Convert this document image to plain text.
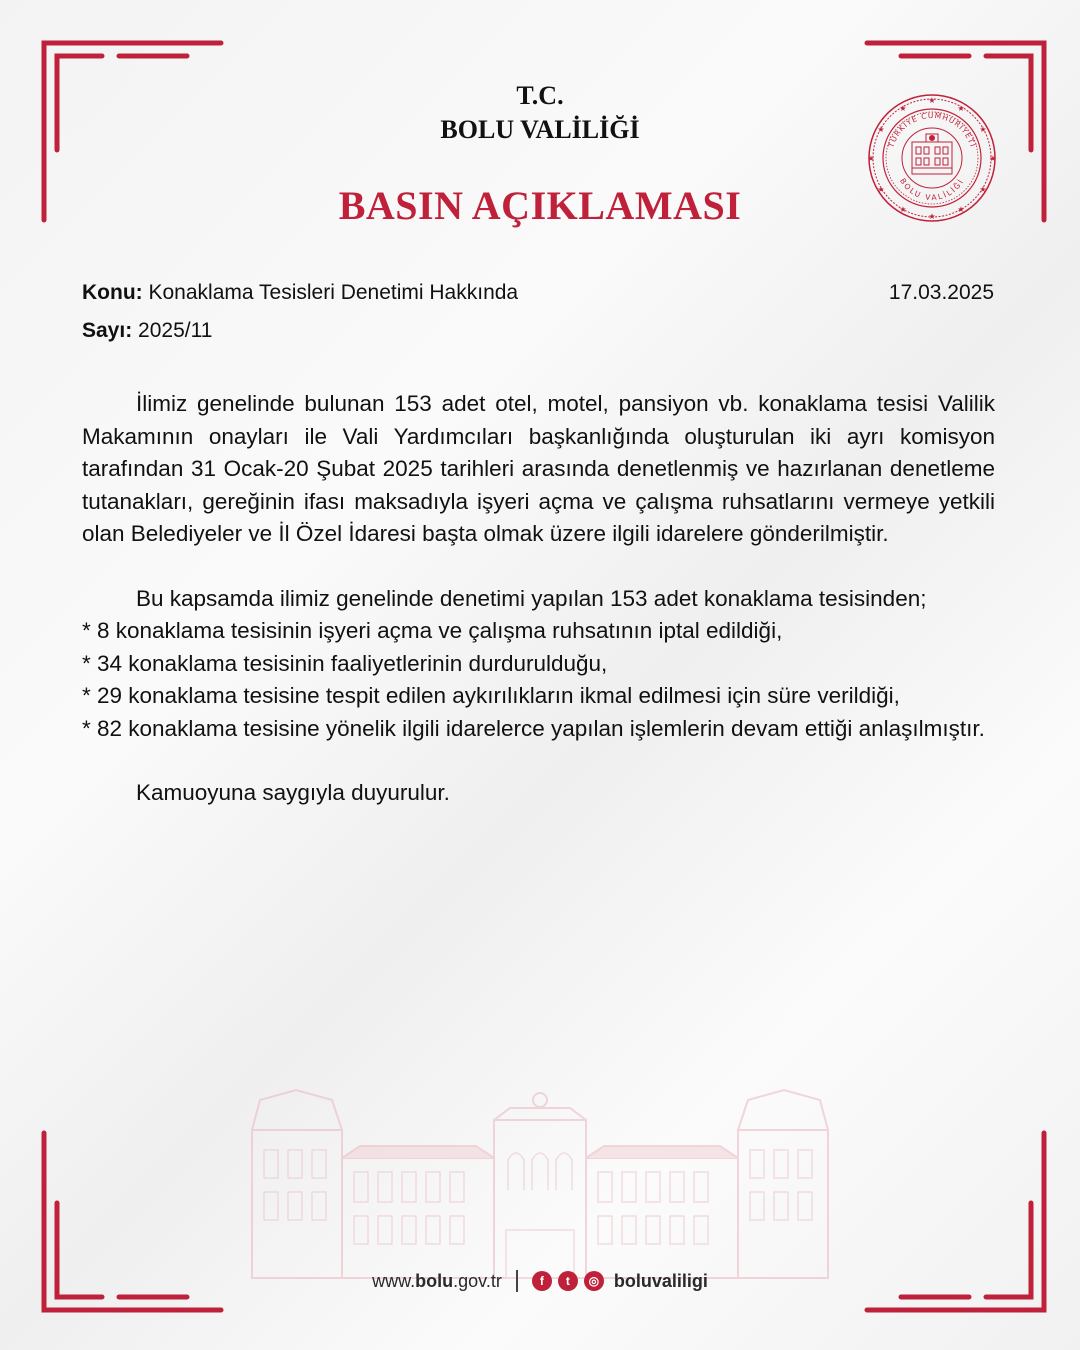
T.C.
BOLU VALİLİĞİ
BASIN AÇIKLAMASI
★
★
★	★
★	★
★	★
★	★
★	★
TÜRKİYE CUMHURİYETİ
BOLU VALİLİĞİ
Konu: Konaklama Tesisleri Denetimi Hakkında
Sayı: 2025/11
17.03.2025

İlimiz genelinde bulunan 153 adet otel, motel, pansiyon vb. konaklama tesisi Valilik Makamının onayları ile Vali Yardımcıları başkanlığında oluşturulan iki ayrı komisyon tarafından 31 Ocak-20 Şubat 2025 tarihleri arasında denetlenmiş ve hazırlanan denetleme tutanakları, gereğinin ifası maksadıyla işyeri açma ve çalışma ruhsatlarını vermeye yetkili olan Belediyeler ve İl Özel İdaresi başta olmak üzere ilgili idarelere gönderilmiştir.

Bu kapsamda ilimiz genelinde denetimi yapılan 153 adet konaklama tesisinden;

* 8 konaklama tesisinin işyeri açma ve çalışma ruhsatının iptal edildiği,

* 34 konaklama tesisinin faaliyetlerinin durdurulduğu,

* 29 konaklama tesisine tespit edilen aykırılıkların ikmal edilmesi için süre verildiği,

* 82 konaklama tesisine yönelik ilgili idarelerce yapılan işlemlerin devam ettiği anlaşılmıştır.

Kamuoyuna saygıyla duyurulur.

www.bolu.gov.tr	f	t	◎ boluvaliligi
